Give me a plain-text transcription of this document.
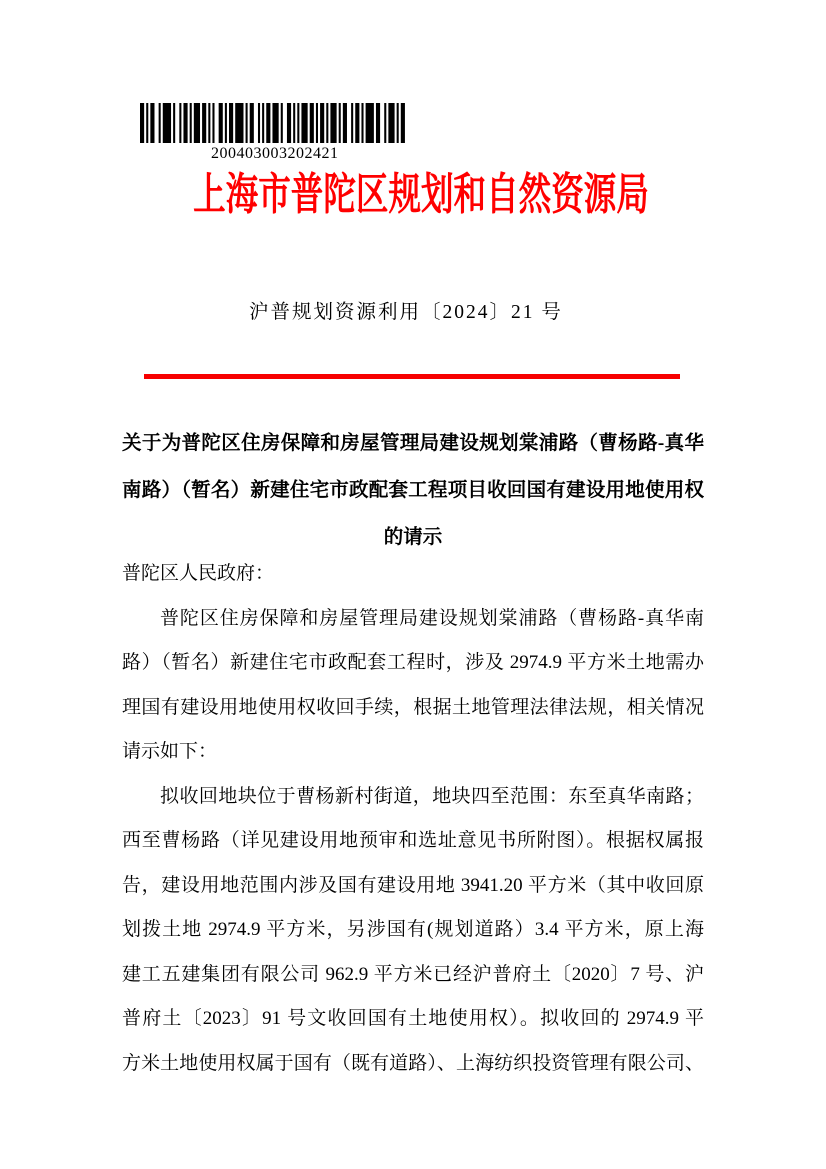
200403003202421
上海市普陀区规划和自然资源局
沪普规划资源利用〔2024〕21 号
关于为普陀区住房保障和房屋管理局建设规划棠浦路（曹杨路-真华
南路）（暂名）新建住宅市政配套工程项目收回国有建设用地使用权
的请示
普陀区人民政府：
普陀区住房保障和房屋管理局建设规划棠浦路（曹杨路-真华南
路）（暂名）新建住宅市政配套工程时，涉及 2974.9 平方米土地需办
理国有建设用地使用权收回手续，根据土地管理法律法规，相关情况
请示如下：
拟收回地块位于曹杨新村街道，地块四至范围：东至真华南路；
西至曹杨路（详见建设用地预审和选址意见书所附图）。根据权属报
告，建设用地范围内涉及国有建设用地 3941.20 平方米（其中收回原
划拨土地 2974.9 平方米，另涉国有(规划道路）3.4 平方米，原上海
建工五建集团有限公司 962.9 平方米已经沪普府土〔2020〕7 号、沪
普府土〔2023〕91 号文收回国有土地使用权）。拟收回的 2974.9 平
方米土地使用权属于国有（既有道路）、上海纺织投资管理有限公司、
